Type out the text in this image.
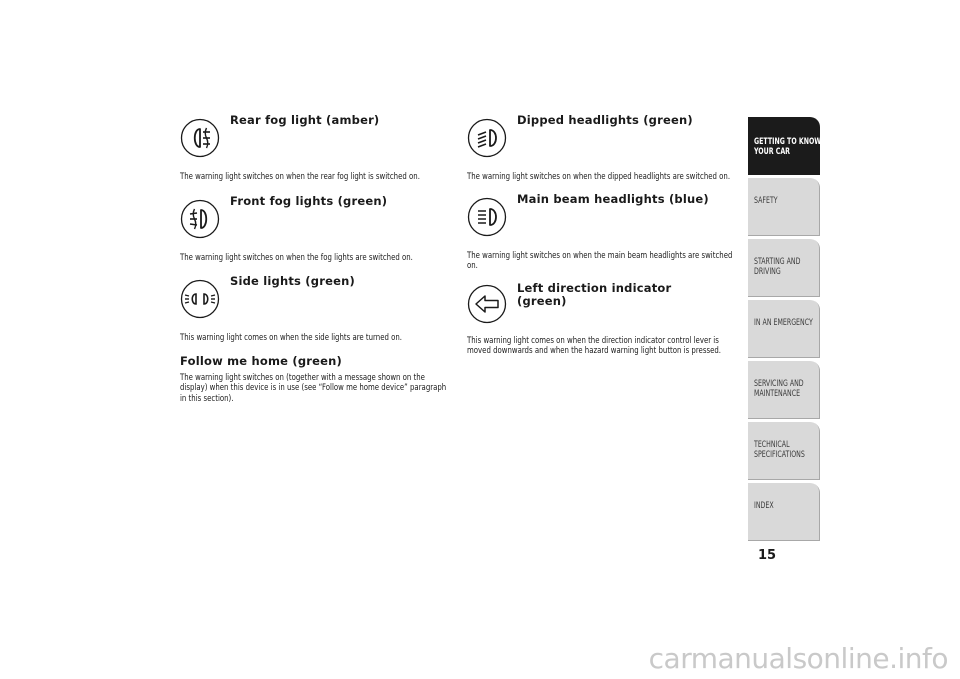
Rear fog light (amber)

The warning light switches on when the rear fog light is switched on.

Front fog lights (green)

The warning light switches on when the fog lights are switched on.

Side lights (green)

This warning light comes on when the side lights are turned on.

Follow me home (green)

The warning light switches on (together with a message shown on the display) when this device is in use (see “Follow me home device” paragraph in this section).

Dipped headlights (green)

The warning light switches on when the dipped headlights are switched on.

Main beam headlights (blue)

The warning light switches on when the main beam headlights are switched on.

Left direction indicator (green)

This warning light comes on when the direction indicator control lever is moved downwards and when the hazard warning light button is pressed.

GETTING TO KNOW YOUR CAR
SAFETY
STARTING AND DRIVING
IN AN EMERGENCY
SERVICING AND MAINTENANCE
TECHNICAL SPECIFICATIONS
INDEX
15
carmanualsonline.info
